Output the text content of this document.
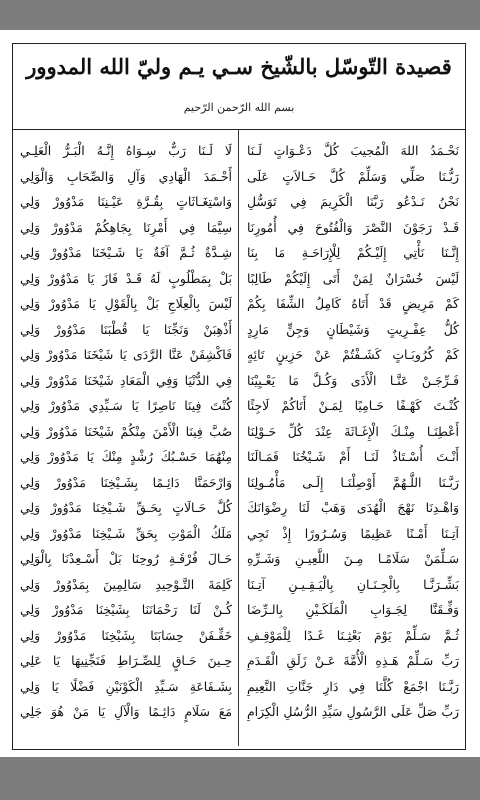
قصيدة التّوسّل بالشّيخ سـي يـم وليّ الله المدوور
بسم الله الرّحمن الرّحيم
نَحْـمَدُ اللهَ الْمُجيبَ كُلَّ دَعْـوَاتٍ لَـنَا
رَبُّـنَا صَلِّي وَسَلِّمْ كُلَّ حَـالاَتٍ عَلَى
نَحْنُ نَـدْعُو رَبَّنَا الْكَرِيمَ فِي تَوَسُّلِ
قَـدْ رَجَوْنَ النَّصْرَ وَالْفُتُوحَ فِي أُمُورِنَا
إِنَّـنَا نَأْتِي إِلَيْـكُمْ لِلْإِرَاحَـةِ مَا بِنَا
لَيْسَ خُسْرَانٌ لِمَنْ أَتَى إِلَيْكُمْ طَالِبًا
كَمْ مَرِيضٍ قَدْ أَتَاهُ كَامِلُ الشِّفَا بِكُمْ
كُلُّ عِفْـرِيتٍ وَشَيْطَانٍ وَجِنٍّ مَارِدٍ
كَمْ كُرُوبَـاتٍ كَشَـفْتُمْ عَنْ حَزِينٍ تَائِهٍ
فَـرِّجَـنْ عَنَّـا الْأَذَى وَكُـلَّ مَا يَعْـيِيْنَا
كُنْـتَ كَهْـفًا حَـامِيًا لِمَـنْ أَتَاكُمْ لَاجِئًا
أَعْطِنَـا مِنْـكَ الْإِغَـاثَةَ عِنْدَ كُلِّ حَـوْلِنَا
أَنْـتَ أُسْـتَاذٌ لَنَـا أَمْ شَـيْخُنَا فَمَـالَنَا
رَبَّـنَا اللَّـهُمَّ أَوْصِلْنَـا إِلَـى مَأْمُـولِنَا
وَاهْـدِنَا نَهْجَ الْهُدَى وَهَبْ لَنَا رِضْوَانَكَ
آتِـنَا أَمْـنًا عَظِيمًا وَسُـرُورًا إِذْ نَجِي
سَـلِّمَنْ سَلَامًـا مِـنَ اللَّعِيـنِ وَشَـرِّهِ
بَشِّـرَنَّـا بِالْجِـنَـانِ بِالْيَـقِـيـنِ آتِـنَا
وَفِّـقَنَّا لِجَـوَابِ الْمَلَكَـيْنِ بِالـرِّضَا
ثُـمَّ سَـلِّمْ يَوْمَ بَعْثِـنَا غَـدًا لِلْمَوْقِـفِ
رَبِّ سَـلِّمْ هَـذِهِ الْأُمَّةَ عَـنْ زَلَقِ الْقَـدَمِ
رَبَّـنَا اجْمَعْ كُلَّنَا فِي دَارِ جَنَّاتِ النَّعِيمِ
رَبِّ صَلِّ عَلَى الرَّسُولِ سَيِّدِ الرُّسُلِ الْكِرَامِ
لَا لَـنَا رَبٌّ سِـوَاهُ إِنَّـهُ الْبَـرُّ الْعَلِـي
أَحْـمَدَ الْهَادِي وَآلِ وَالصِّحَابِ وَالْوَلِي
وَاسْتِغَـاثَاتٍ بِقُـرَّةِ عَيْـنِنَا مَدْوُورْ وَلِي
سِيَّمَا فِي أَمْرِنَا بِجَاهِكُمْ مَدْوُورْ وَلِي
شِـدَّةٌ ثُـمَّ آفَةٌ يَا شَـيْخَنَا مَدْوُورْ وَلِي
بَلْ بِمَطْلُوبٍ لَهُ قَـدْ فَازَ يَا مَدْوُورْ وَلِي
لَيْسَ بِالْعِلَاجِ بَلْ بِالْقَوْلِ يَا مَدْوُورْ وَلِي
أَذْهِبَنْ وَنَجِّنَا يَا قُطْبَنَا مَدْوُورْ وَلِي
فَاكْشِفَنْ عَنَّا الرَّدَى يَا شَيْخَنَا مَدْوُورْ وَلِي
فِي الدُّنْيَا وَفِي الْمَعَادِ شَيْخَنَا مَدْوُورْ وَلِي
كُنْتَ فِينَا نَاصِرًا يَا سَـيِّدِي مَدْوُورْ وَلِي
صُبَّ فِينَا الْأَمْنَ مِنْكُمْ شَيْخَنَا مَدْوُورْ وَلِي
مِنْهُمَا حَسْـبُكَ رُشْدٍ مِنْكَ يَا مَدْوُورْ وَلِي
وَارْحَمَنَّا دَائِـمًا بِشَـيْخِنَا مَدْوُورْ وَلِي
كُلَّ حَـالَاتٍ بِحَـقِّ شَـيْخِنَا مَدْوُورْ وَلِي
مَلَكُ الْمَوْتِ بِحَقِّ شَـيْخِنَا مَدْوُورْ وَلِي
حَـالَ فُرْقَـةِ رُوحِنَا بَلْ أَسْـعِدْنَا بِالْوَلِي
كَلِمَةَ التَّـوْحِيدِ سَالِمِينَ بِمَدْوُورْ وَلِي
كُـنْ لَنَا رَحْمَانَنَا بِشَيْخِنَا مَدْوُورْ وَلِي
خَفِّـفَنْ حِسَابَنَا بِشَيْخِنَا مَدْوُورْ وَلِي
حِـينَ حَـاقٍ لِلصِّـرَاطِ فَنَجِّنِيهَا يَا عَلِي
بِشَـفَاعَةِ سَـيِّدِ الْكَوْنَيْنِ فَضْلًا يَا وَلِي
مَعَ سَلَامٍ دَائِـمًا وَالْآلِ يَا مَنْ هُوَ جَلِي
